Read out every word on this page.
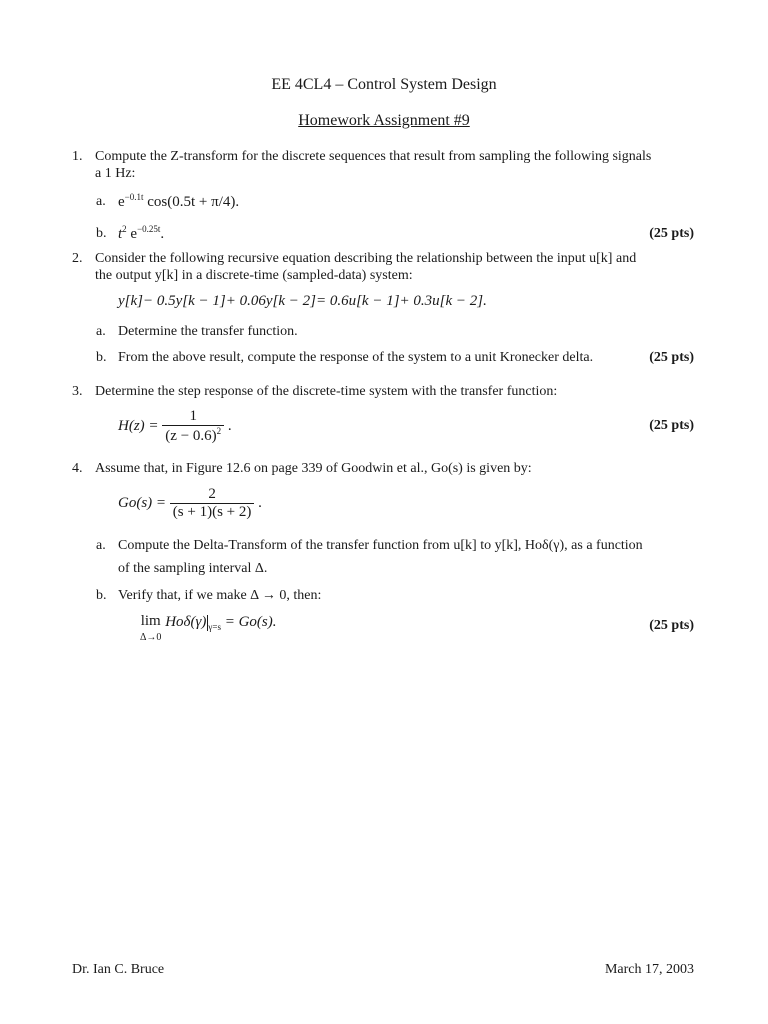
EE 4CL4 – Control System Design
Homework Assignment #9
1. Compute the Z-transform for the discrete sequences that result from sampling the following signals
a 1 Hz:
a. $e^{-0.1t}$ cos(0.5t + π/4).
b. $t^2$ $e^{-0.25t}$.	(25 pts)
2. Consider the following recursive equation describing the relationship between the input u[k] and
the output y[k] in a discrete-time (sampled-data) system:
y[k]− 0.5y[k − 1]+ 0.06y[k − 2]= 0.6u[k − 1]+ 0.3u[k − 2].
a. Determine the transfer function.
b. From the above result, compute the response of the system to a unit Kronecker delta.	(25 pts)
3. Determine the step response of the discrete-time system with the transfer function:
$H(z) = \frac{1}{(z - 0.6)^2}$ .	(25 pts)
4. Assume that, in Figure 12.6 on page 339 of Goodwin et al., Go(s) is given by:
$Go(s) = \frac{2}{(s + 1)(s + 2)}$ .
a. Compute the Delta-Transform of the transfer function from u[k] to y[k], Hoδ(γ), as a function
of the sampling interval Δ.
b. Verify that, if we make Δ → 0, then:
lim
Δ→0 Hoδ(γ) $_{\gamma=s}$ = Go(s).	(25 pts)
Dr. Ian C. Bruce	March 17, 2003
